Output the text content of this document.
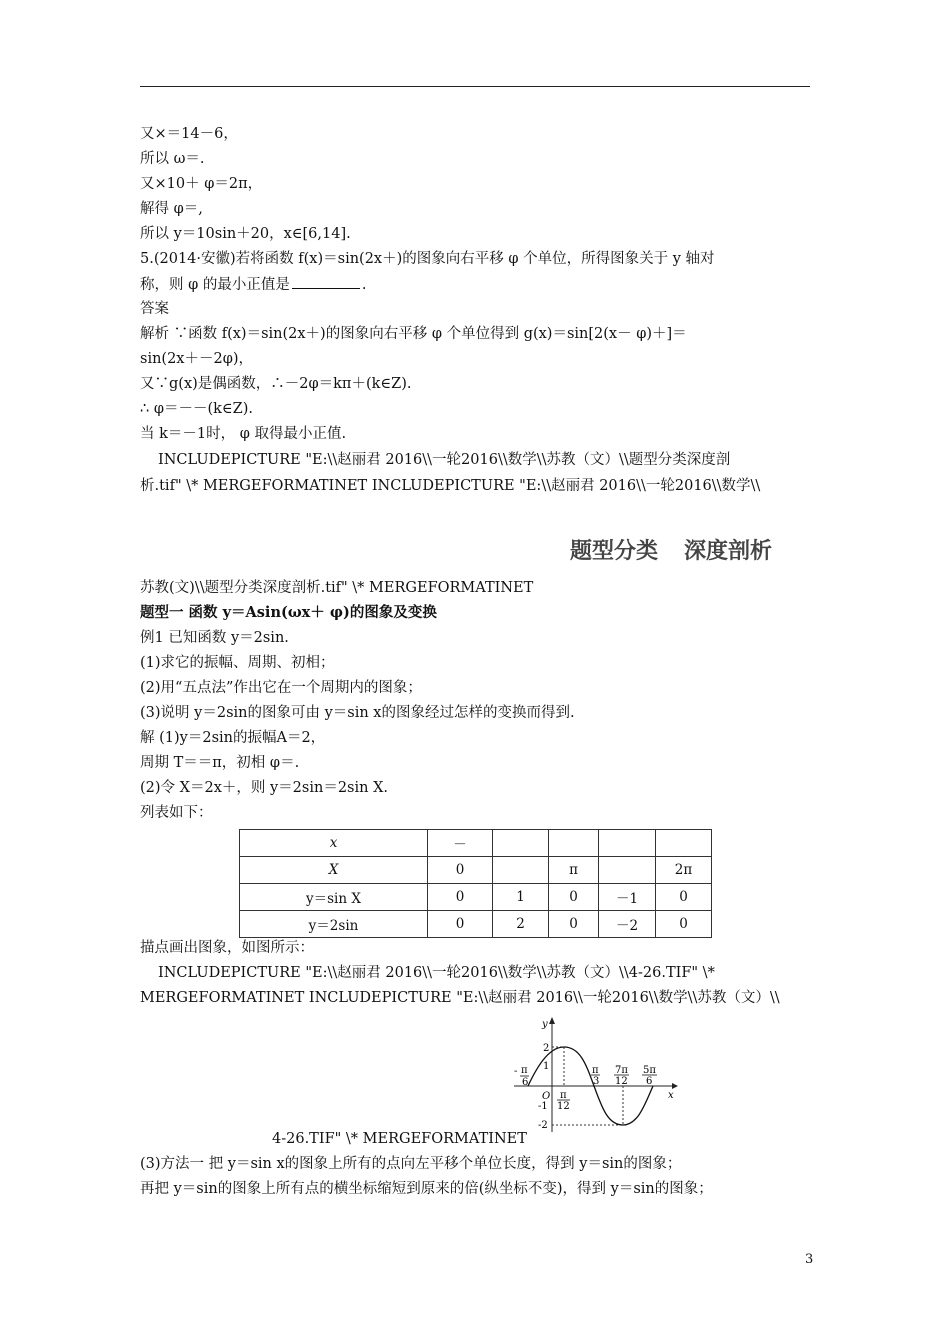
又×＝14－6，
所以 ω＝.
又×10＋ φ＝2π，
解得 φ＝,
所以 y＝10sin＋20，x∈[6,14].
5.(2014·安徽)若将函数 f(x)＝sin(2x＋)的图象向右平移 φ 个单位，所得图象关于 y 轴对
称，则 φ 的最小正值是	.
答案
解析 ∵函数 f(x)＝sin(2x＋)的图象向右平移 φ 个单位得到 g(x)＝sin[2(x－ φ)＋]＝
sin(2x＋－2φ)，
又∵g(x)是偶函数，∴－2φ＝kπ＋(k∈Z).
∴ φ＝－－(k∈Z).
当 k＝－1时， φ 取得最小正值.
INCLUDEPICTURE "E:\\赵丽君 2016\\一轮2016\\数学\\苏教（文）\\题型分类深度剖
析.tif" \* MERGEFORMATINET INCLUDEPICTURE "E:\\赵丽君 2016\\一轮2016\\数学\\
题型分类 深度剖析
苏教(文)\\题型分类深度剖析.tif" \* MERGEFORMATINET
题型一 函数 y＝Asin(ωx＋ φ)的图象及变换
例1 已知函数 y＝2sin.
(1)求它的振幅、周期、初相；
(2)用“五点法”作出它在一个周期内的图象；
(3)说明 y＝2sin的图象可由 y＝sin x的图象经过怎样的变换而得到.
解 (1)y＝2sin的振幅A＝2，
周期 T＝＝π，初相 φ＝.
(2)令 X＝2x＋，则 y＝2sin＝2sin X.
列表如下：
x	－				
X	0		π		2π
y＝sin X	0	1	0	－1	0
y＝2sin	0	2	0	－2	0
描点画出图象，如图所示：
INCLUDEPICTURE "E:\\赵丽君 2016\\一轮2016\\数学\\苏教（文）\\4-26.TIF" \*
MERGEFORMATINET INCLUDEPICTURE "E:\\赵丽君 2016\\一轮2016\\数学\\苏教（文）\\
y
x
O
2
1
-1
-2
- π
6
π
12
π
3
7π
12
5π
6
4-26.TIF" \* MERGEFORMATINET
(3)方法一 把 y＝sin x的图象上所有的点向左平移个单位长度，得到 y＝sin的图象；
再把 y＝sin的图象上所有点的横坐标缩短到原来的倍(纵坐标不变)，得到 y＝sin的图象；
3
